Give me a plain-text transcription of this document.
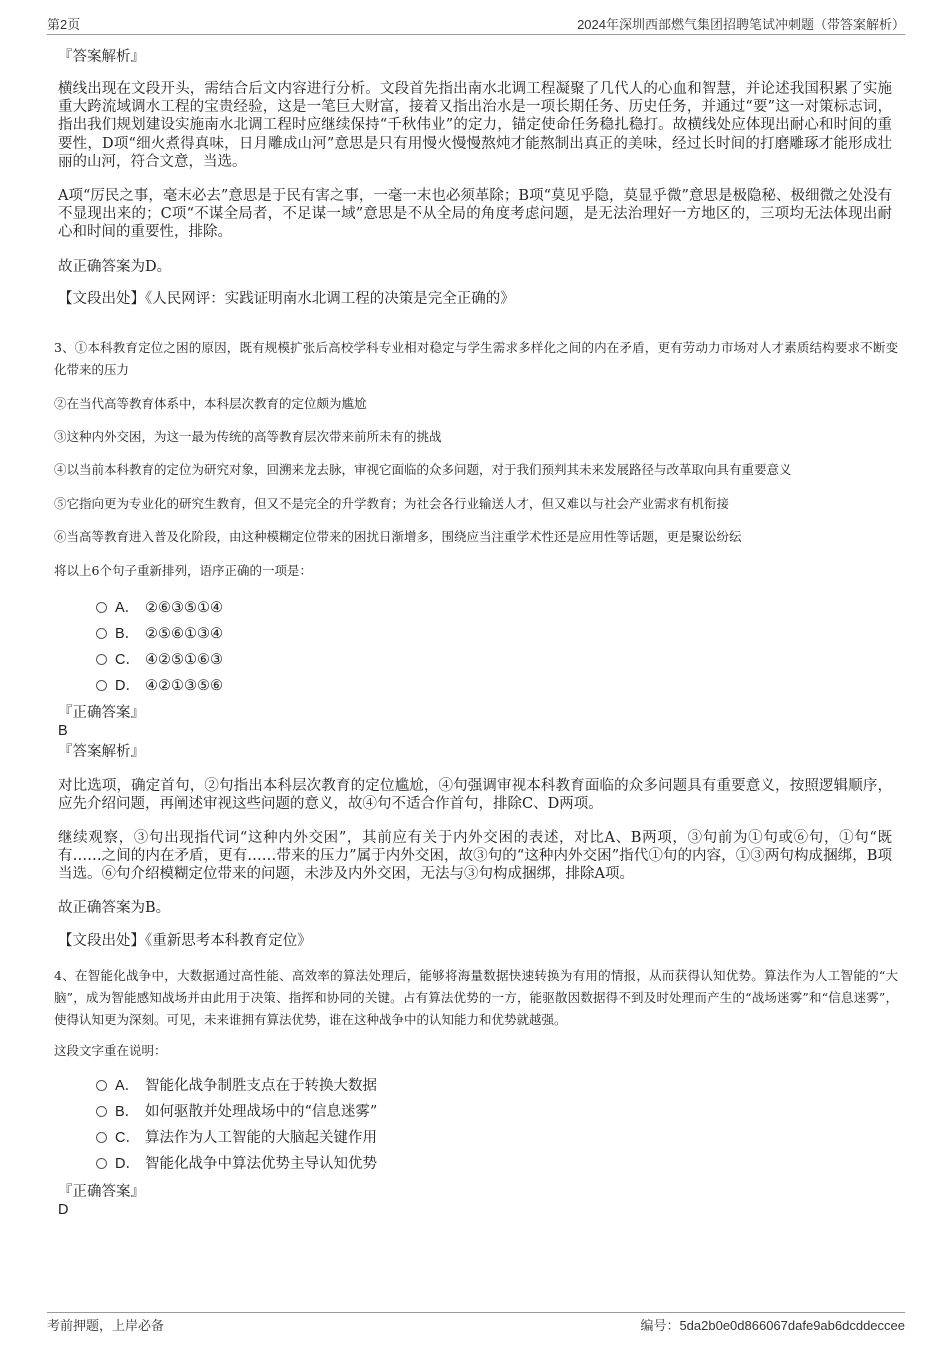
第2页	2024年深圳西部燃气集团招聘笔试冲刺题（带答案解析）
『答案解析』

横线出现在文段开头，需结合后文内容进行分析。文段首先指出南水北调工程凝聚了几代人的心血和智慧，并论述我国积累了实施重大跨流域调水工程的宝贵经验，这是一笔巨大财富，接着又指出治水是一项长期任务、历史任务，并通过“要”这一对策标志词，指出我们规划建设实施南水北调工程时应继续保持“千秋伟业”的定力，锚定使命任务稳扎稳打。故横线处应体现出耐心和时间的重要性，D项“细火煮得真味，日月雕成山河”意思是只有用慢火慢慢熬炖才能熬制出真正的美味，经过长时间的打磨雕琢才能形成壮丽的山河，符合文意，当选。

A项“厉民之事，毫末必去”意思是于民有害之事，一毫一末也必须革除；B项“莫见乎隐，莫显乎微”意思是极隐秘、极细微之处没有不显现出来的；C项“不谋全局者，不足谋一域”意思是不从全局的角度考虑问题，是无法治理好一方地区的，三项均无法体现出耐心和时间的重要性，排除。

故正确答案为D。

【文段出处】《人民网评：实践证明南水北调工程的决策是完全正确的》

3、①本科教育定位之困的原因，既有规模扩张后高校学科专业相对稳定与学生需求多样化之间的内在矛盾，更有劳动力市场对人才素质结构要求不断变化带来的压力

②在当代高等教育体系中，本科层次教育的定位颇为尴尬

③这种内外交困，为这一最为传统的高等教育层次带来前所未有的挑战

④以当前本科教育的定位为研究对象，回溯来龙去脉，审视它面临的众多问题，对于我们预判其未来发展路径与改革取向具有重要意义

⑤它指向更为专业化的研究生教育，但又不是完全的升学教育；为社会各行业输送人才，但又难以与社会产业需求有机衔接

⑥当高等教育进入普及化阶段，由这种模糊定位带来的困扰日渐增多，围绕应当注重学术性还是应用性等话题，更是聚讼纷纭

将以上6个句子重新排列，语序正确的一项是：

A． ②⑥③⑤①④
B． ②⑤⑥①③④
C． ④②⑤①⑥③
D． ④②①③⑤⑥
『正确答案』
B
『答案解析』

对比选项，确定首句，②句指出本科层次教育的定位尴尬，④句强调审视本科教育面临的众多问题具有重要意义，按照逻辑顺序，应先介绍问题，再阐述审视这些问题的意义，故④句不适合作首句，排除C、D两项。

继续观察，③句出现指代词“这种内外交困”，其前应有关于内外交困的表述，对比A、B两项，③句前为①句或⑥句，①句“既有……之间的内在矛盾，更有……带来的压力”属于内外交困，故③句的“这种内外交困”指代①句的内容，①③两句构成捆绑，B项当选。⑥句介绍模糊定位带来的问题，未涉及内外交困，无法与③句构成捆绑，排除A项。

故正确答案为B。

【文段出处】《重新思考本科教育定位》

4、在智能化战争中，大数据通过高性能、高效率的算法处理后，能够将海量数据快速转换为有用的情报，从而获得认知优势。算法作为人工智能的“大脑”，成为智能感知战场并由此用于决策、指挥和协同的关键。占有算法优势的一方，能驱散因数据得不到及时处理而产生的“战场迷雾”和“信息迷雾”，使得认知更为深刻。可见，未来谁拥有算法优势，谁在这种战争中的认知能力和优势就越强。

这段文字重在说明：

A． 智能化战争制胜支点在于转换大数据
B． 如何驱散并处理战场中的“信息迷雾”
C． 算法作为人工智能的大脑起关键作用
D． 智能化战争中算法优势主导认知优势
『正确答案』
D
考前押题，上岸必备	编号：5da2b0e0d866067dafe9ab6dcddeccee
